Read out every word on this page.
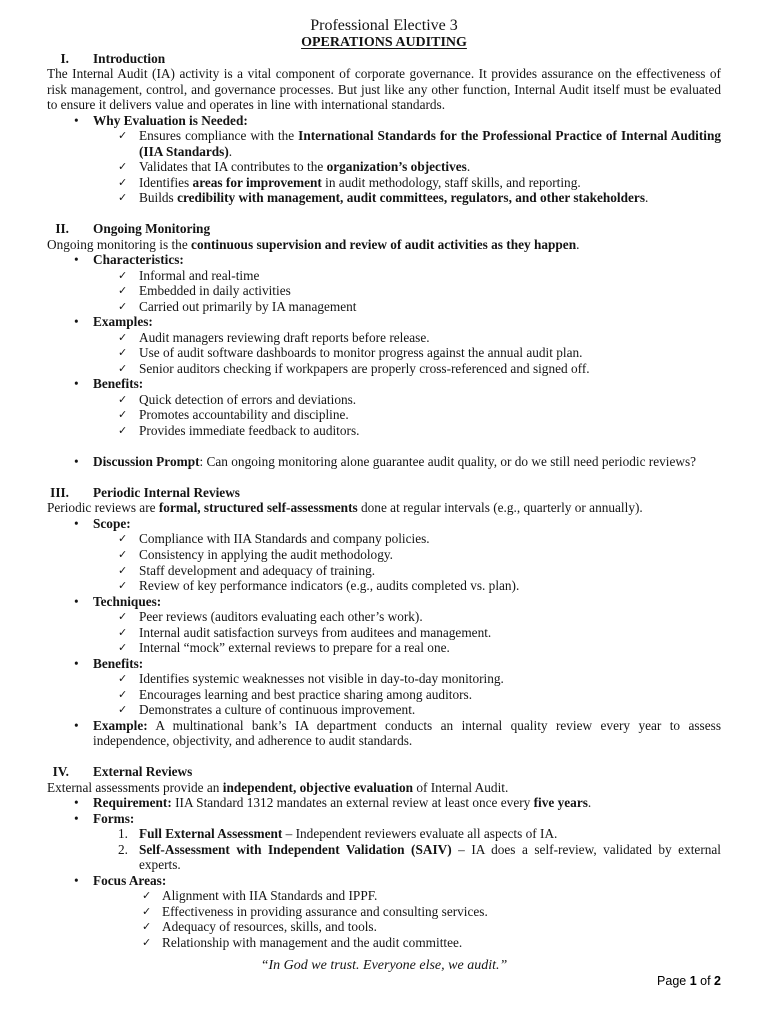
Professional Elective 3
OPERATIONS AUDITING
I. Introduction

The Internal Audit (IA) activity is a vital component of corporate governance. It provides assurance on the effectiveness of risk management, control, and governance processes. But just like any other function, Internal Audit itself must be evaluated to ensure it delivers value and operates in line with international standards.

• Why Evaluation is Needed:
✓ Ensures compliance with the International Standards for the Professional Practice of Internal Auditing (IIA Standards).
✓ Validates that IA contributes to the organization’s objectives.
✓ Identifies areas for improvement in audit methodology, staff skills, and reporting.
✓ Builds credibility with management, audit committees, regulators, and other stakeholders.
II. Ongoing Monitoring

Ongoing monitoring is the continuous supervision and review of audit activities as they happen.

• Characteristics:
✓ Informal and real-time
✓ Embedded in daily activities
✓ Carried out primarily by IA management
• Examples:
✓ Audit managers reviewing draft reports before release.
✓ Use of audit software dashboards to monitor progress against the annual audit plan.
✓ Senior auditors checking if workpapers are properly cross-referenced and signed off.
• Benefits:
✓ Quick detection of errors and deviations.
✓ Promotes accountability and discipline.
✓ Provides immediate feedback to auditors.
• Discussion Prompt: Can ongoing monitoring alone guarantee audit quality, or do we still need periodic reviews?
III. Periodic Internal Reviews

Periodic reviews are formal, structured self-assessments done at regular intervals (e.g., quarterly or annually).

• Scope:
✓ Compliance with IIA Standards and company policies.
✓ Consistency in applying the audit methodology.
✓ Staff development and adequacy of training.
✓ Review of key performance indicators (e.g., audits completed vs. plan).
• Techniques:
✓ Peer reviews (auditors evaluating each other’s work).
✓ Internal audit satisfaction surveys from auditees and management.
✓ Internal “mock” external reviews to prepare for a real one.
• Benefits:
✓ Identifies systemic weaknesses not visible in day-to-day monitoring.
✓ Encourages learning and best practice sharing among auditors.
✓ Demonstrates a culture of continuous improvement.
• Example: A multinational bank’s IA department conducts an internal quality review every year to assess independence, objectivity, and adherence to audit standards.
IV. External Reviews

External assessments provide an independent, objective evaluation of Internal Audit.

• Requirement: IIA Standard 1312 mandates an external review at least once every five years.
• Forms:
1. Full External Assessment – Independent reviewers evaluate all aspects of IA.
2. Self-Assessment with Independent Validation (SAIV) – IA does a self-review, validated by external experts.
• Focus Areas:
✓ Alignment with IIA Standards and IPPF.
✓ Effectiveness in providing assurance and consulting services.
✓ Adequacy of resources, skills, and tools.
✓ Relationship with management and the audit committee.
“In God we trust. Everyone else, we audit.”
Page 1 of 2
